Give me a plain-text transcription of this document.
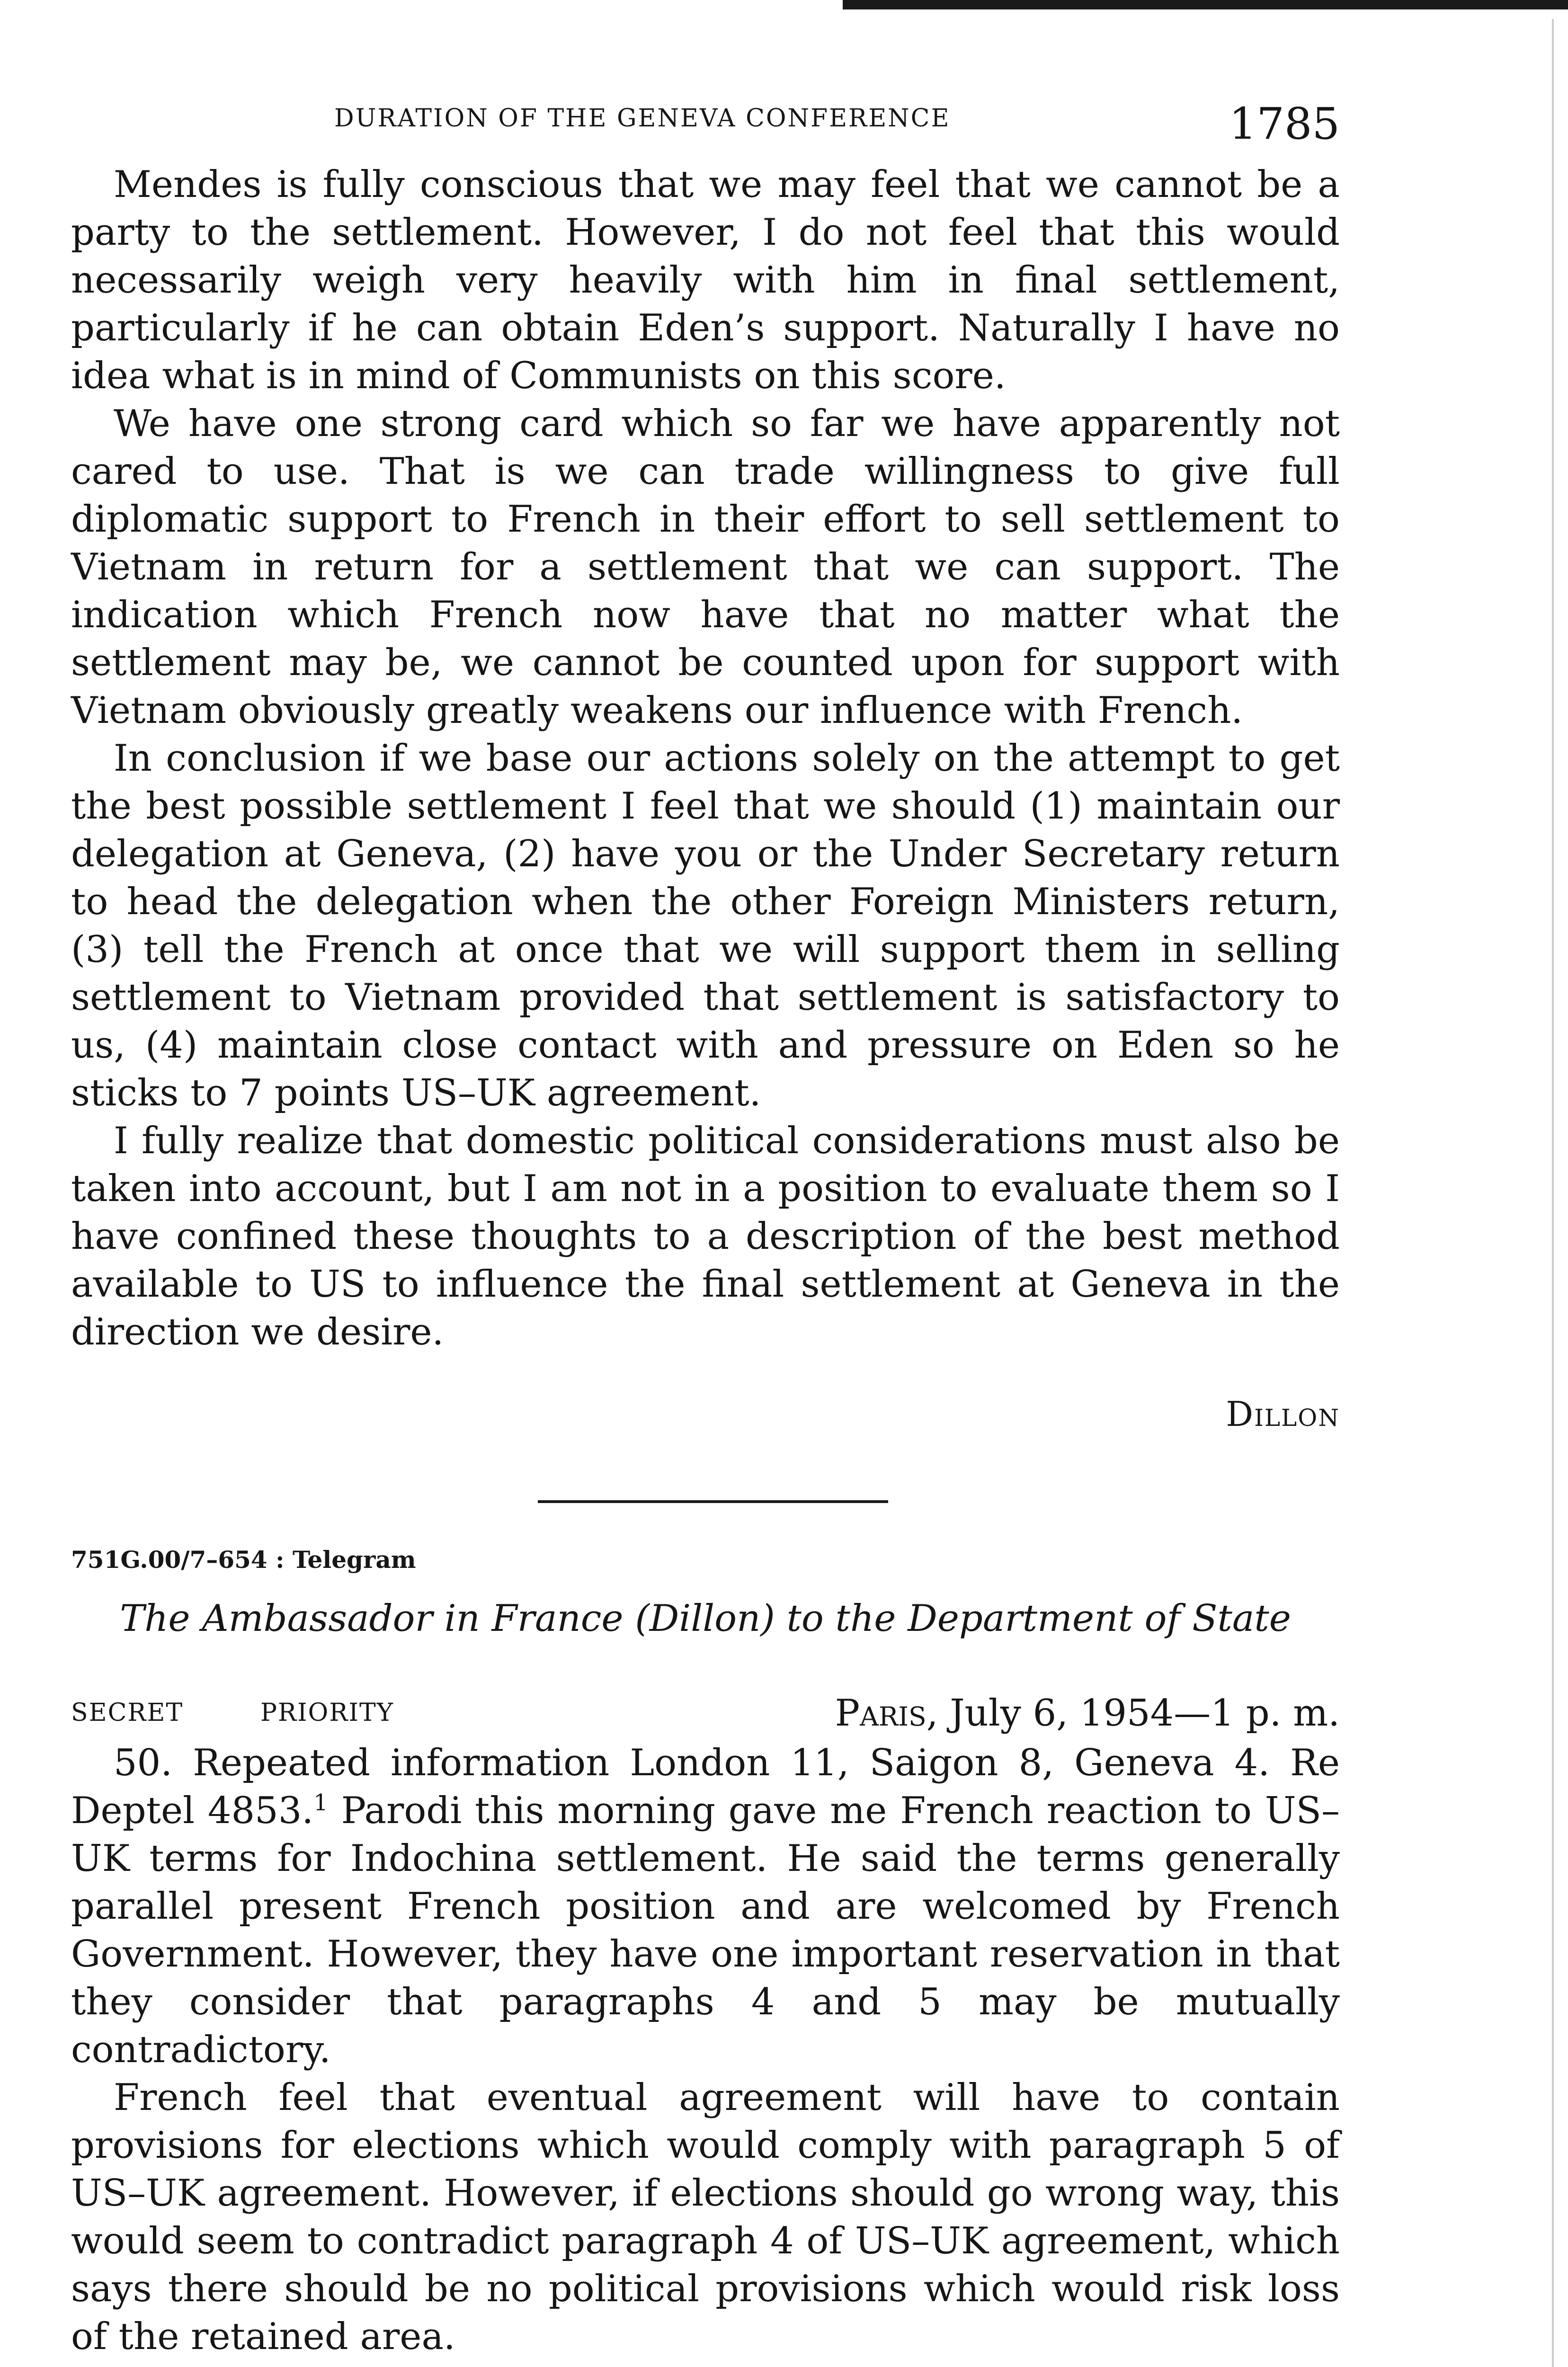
DURATION OF THE GENEVA CONFERENCE	1785

Mendes is fully conscious that we may feel that we cannot be a party to the settlement. However, I do not feel that this would necessarily weigh very heavily with him in final settlement, particularly if he can obtain Eden’s support. Naturally I have no idea what is in mind of Communists on this score.

We have one strong card which so far we have apparently not cared to use. That is we can trade willingness to give full diplomatic support to French in their effort to sell settlement to Vietnam in return for a settlement that we can support. The indication which French now have that no matter what the settlement may be, we cannot be counted upon for support with Vietnam obviously greatly weakens our influence with French.

In conclusion if we base our actions solely on the attempt to get the best possible settlement I feel that we should (1) maintain our delegation at Geneva, (2) have you or the Under Secretary return to head the delegation when the other Foreign Ministers return, (3) tell the French at once that we will support them in selling settlement to Vietnam provided that settlement is satisfactory to us, (4) maintain close contact with and pressure on Eden so he sticks to 7 points US–UK agreement.

I fully realize that domestic political considerations must also be taken into account, but I am not in a position to evaluate them so I have confined these thoughts to a description of the best method available to US to influence the final settlement at Geneva in the direction we desire.

Dillon
751G.00/7–654 : Telegram
The Ambassador in France (Dillon) to the Department of State
SECRET	PRIORITY	Paris, July 6, 1954—1 p. m.

50. Repeated information London 11, Saigon 8, Geneva 4. Re Deptel 4853.$^1$ Parodi this morning gave me French reaction to US–UK terms for Indochina settlement. He said the terms generally parallel present French position and are welcomed by French Government. However, they have one important reservation in that they consider that paragraphs 4 and 5 may be mutually contradictory.

French feel that eventual agreement will have to contain provisions for elections which would comply with paragraph 5 of US–UK agreement. However, if elections should go wrong way, this would seem to contradict paragraph 4 of US–UK agreement, which says there should be no political provisions which would risk loss of the retained area.
